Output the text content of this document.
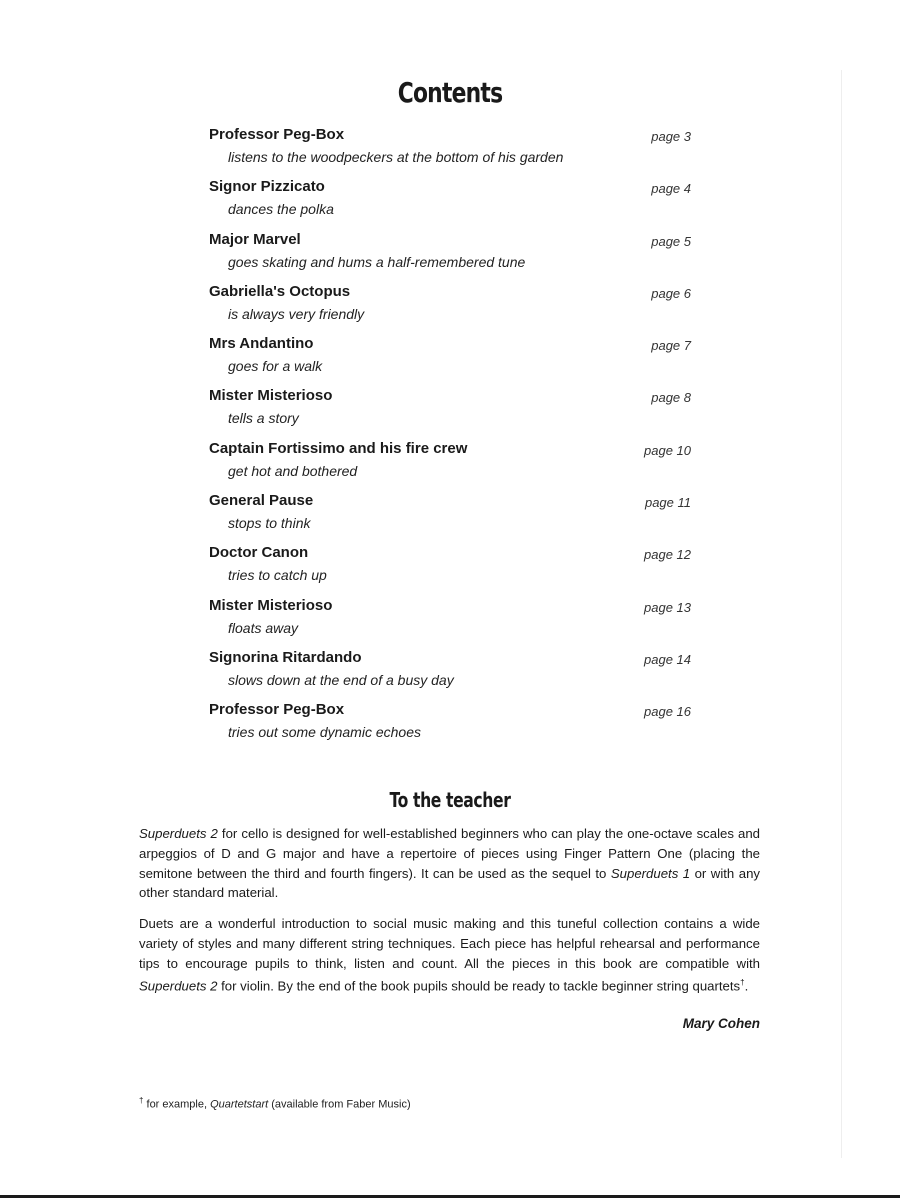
Contents
Professor Peg-Box	page 3
listens to the woodpeckers at the bottom of his garden
Signor Pizzicato	page 4
dances the polka
Major Marvel	page 5
goes skating and hums a half-remembered tune
Gabriella's Octopus	page 6
is always very friendly
Mrs Andantino	page 7
goes for a walk
Mister Misterioso	page 8
tells a story
Captain Fortissimo and his fire crew	page 10
get hot and bothered
General Pause	page 11
stops to think
Doctor Canon	page 12
tries to catch up
Mister Misterioso	page 13
floats away
Signorina Ritardando	page 14
slows down at the end of a busy day
Professor Peg-Box	page 16
tries out some dynamic echoes
To the teacher

Superduets 2 for cello is designed for well-established beginners who can play the one-octave scales and arpeggios of D and G major and have a repertoire of pieces using Finger Pattern One (placing the semitone between the third and fourth fingers). It can be used as the sequel to Superduets 1 or with any other standard material.

Duets are a wonderful introduction to social music making and this tuneful collection contains a wide variety of styles and many different string techniques. Each piece has helpful rehearsal and performance tips to encourage pupils to think, listen and count. All the pieces in this book are compatible with Superduets 2 for violin. By the end of the book pupils should be ready to tackle beginner string quartets†.

Mary Cohen
† for example, Quartetstart (available from Faber Music)
